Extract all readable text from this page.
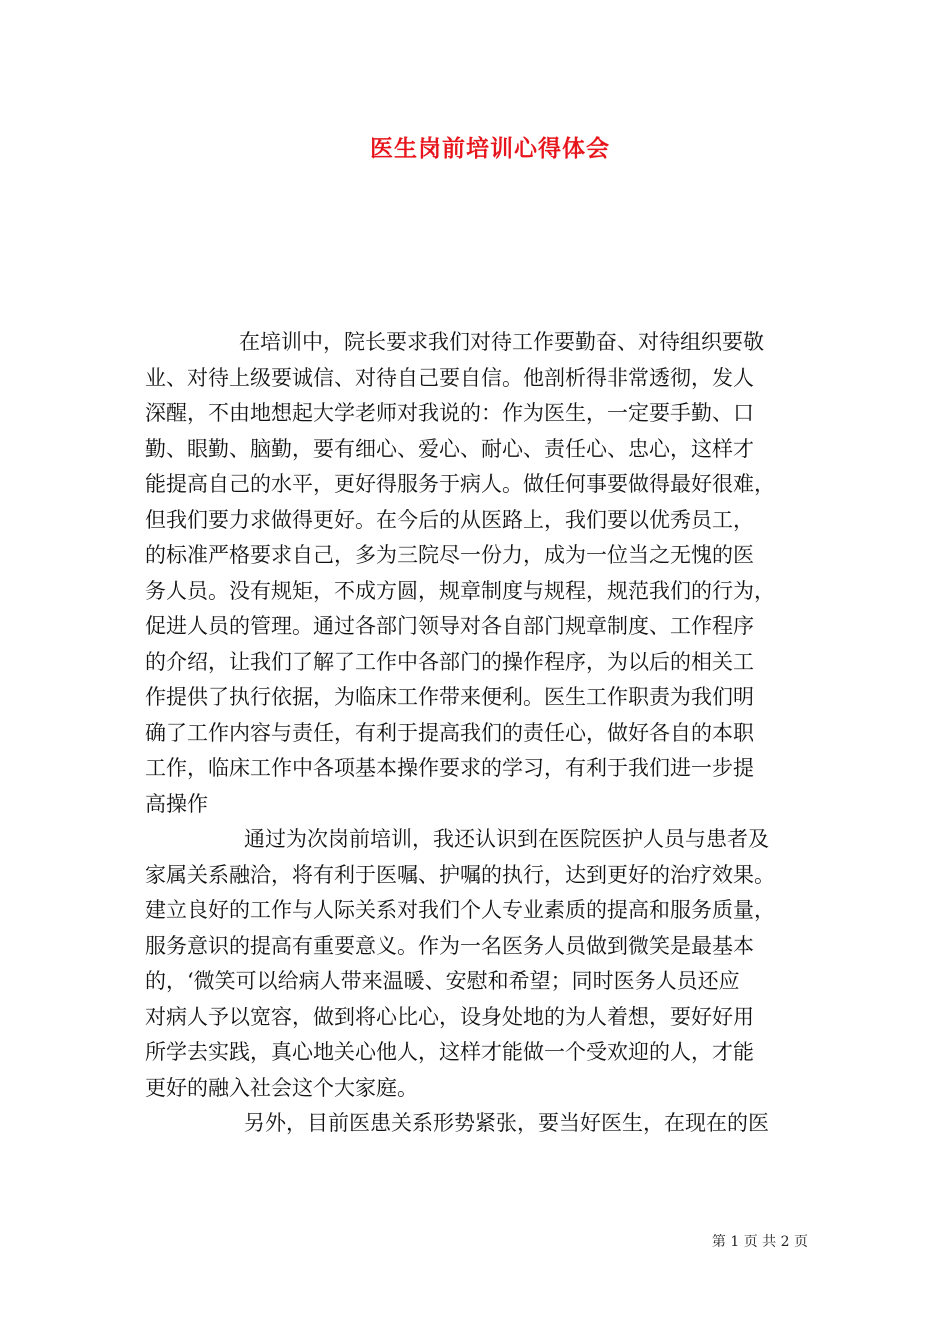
医生岗前培训心得体会

在培训中，院长要求我们对待工作要勤奋、对待组织要敬
业、对待上级要诚信、对待自己要自信。他剖析得非常透彻，发人
深醒，不由地想起大学老师对我说的：作为医生，一定要手勤、口
勤、眼勤、脑勤，要有细心、爱心、耐心、责任心、忠心，这样才
能提高自己的水平，更好得服务于病人。做任何事要做得最好很难，
但我们要力求做得更好。在今后的从医路上，我们要以优秀员工，
的标准严格要求自己，多为三院尽一份力，成为一位当之无愧的医
务人员。没有规矩，不成方圆，规章制度与规程，规范我们的行为，
促进人员的管理。通过各部门领导对各自部门规章制度、工作程序
的介绍，让我们了解了工作中各部门的操作程序，为以后的相关工
作提供了执行依据，为临床工作带来便利。医生工作职责为我们明
确了工作内容与责任，有利于提高我们的责任心，做好各自的本职
工作，临床工作中各项基本操作要求的学习，有利于我们进一步提
高操作

通过为次岗前培训，我还认识到在医院医护人员与患者及
家属关系融洽，将有利于医嘱、护嘱的执行，达到更好的治疗效果。
建立良好的工作与人际关系对我们个人专业素质的提高和服务质量，
服务意识的提高有重要意义。作为一名医务人员做到微笑是最基本
的，‘微笑可以给病人带来温暖、安慰和希望；同时医务人员还应
对病人予以宽容，做到将心比心，设身处地的为人着想，要好好用
所学去实践，真心地关心他人，这样才能做一个受欢迎的人，才能
更好的融入社会这个大家庭。

另外，目前医患关系形势紧张，要当好医生，在现在的医

第 1 页 共 2 页
